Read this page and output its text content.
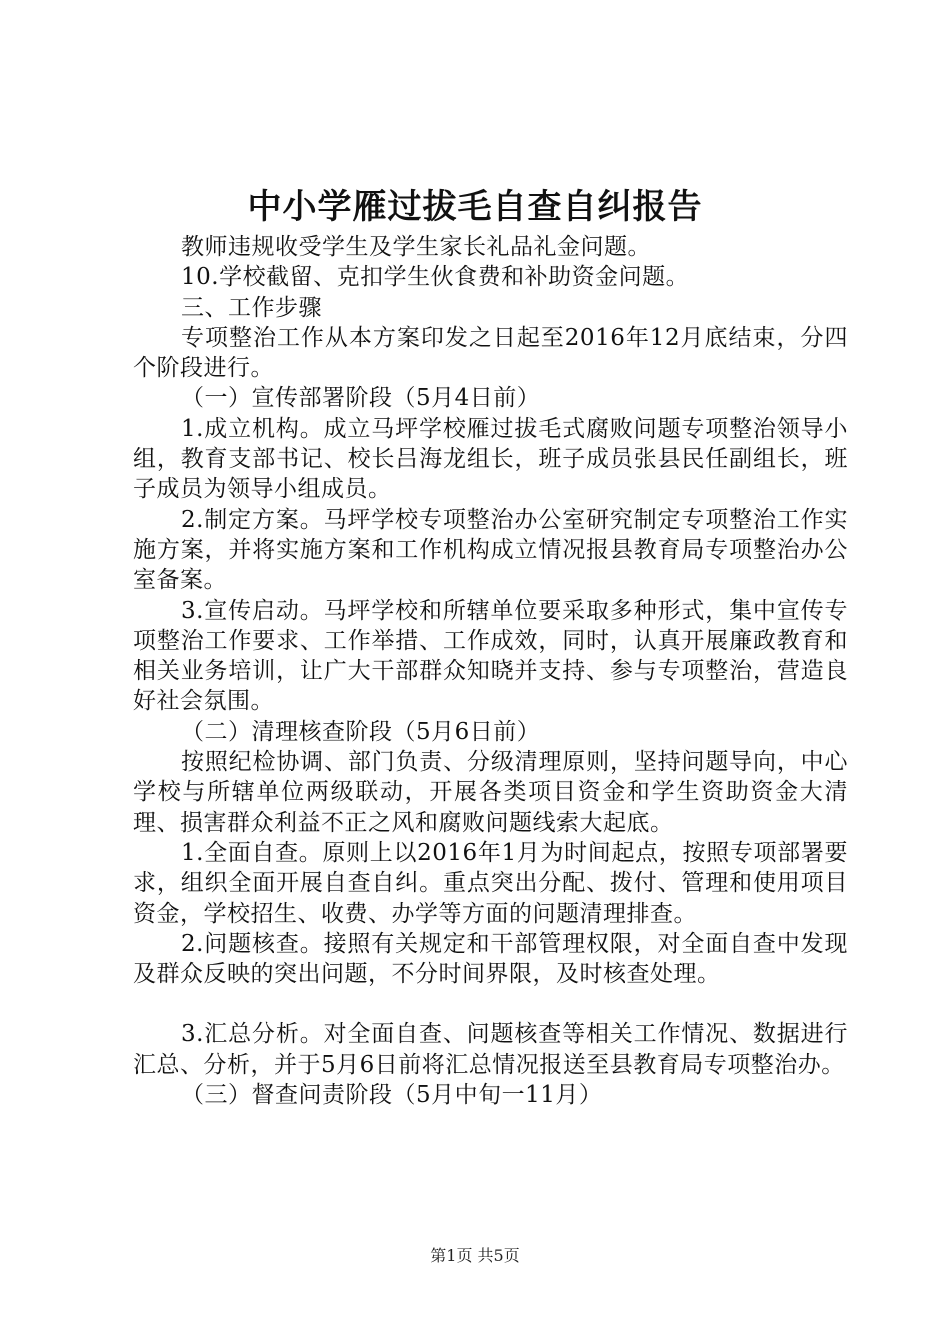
中小学雁过拔毛自查自纠报告

教师违规收受学生及学生家长礼品礼金问题。

10.学校截留、克扣学生伙食费和补助资金问题。

三、工作步骤

专项整治工作从本方案印发之日起至2016年12月底结束，分四个阶段进行。

（一）宣传部署阶段（5月4日前）

1.成立机构。成立马坪学校雁过拔毛式腐败问题专项整治领导小组，教育支部书记、校长吕海龙组长，班子成员张县民任副组长，班子成员为领导小组成员。

2.制定方案。马坪学校专项整治办公室研究制定专项整治工作实施方案，并将实施方案和工作机构成立情况报县教育局专项整治办公室备案。

3.宣传启动。马坪学校和所辖单位要采取多种形式，集中宣传专项整治工作要求、工作举措、工作成效，同时，认真开展廉政教育和相关业务培训，让广大干部群众知晓并支持、参与专项整治，营造良好社会氛围。

（二）清理核查阶段（5月6日前）

按照纪检协调、部门负责、分级清理原则，坚持问题导向，中心学校与所辖单位两级联动，开展各类项目资金和学生资助资金大清理、损害群众利益不正之风和腐败问题线索大起底。

1.全面自查。原则上以2016年1月为时间起点，按照专项部署要求，组织全面开展自查自纠。重点突出分配、拨付、管理和使用项目资金，学校招生、收费、办学等方面的问题清理排查。

2.问题核查。接照有关规定和干部管理权限，对全面自查中发现及群众反映的突出问题，不分时间界限，及时核查处理。

3.汇总分析。对全面自查、问题核查等相关工作情况、数据进行汇总、分析，并于5月6日前将汇总情况报送至县教育局专项整治办。

（三）督查问责阶段（5月中旬一11月）

第1页 共5页
